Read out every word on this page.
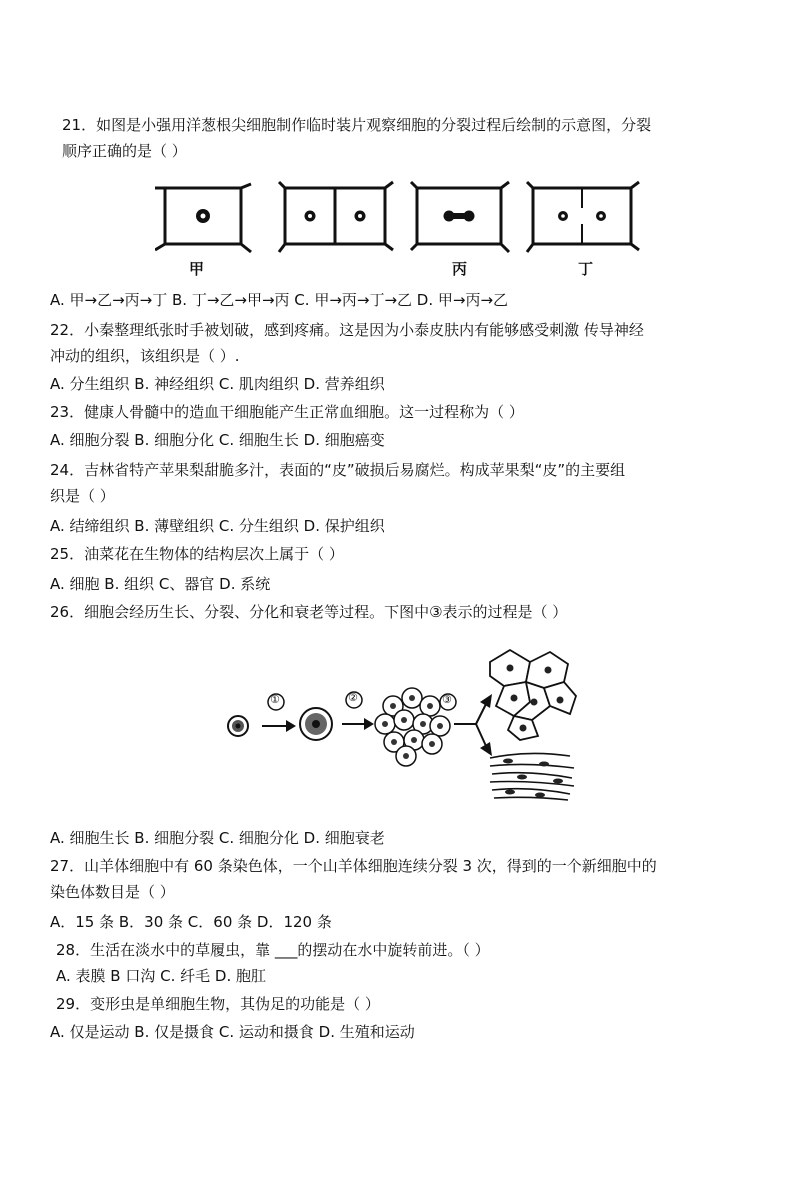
21．如图是小强用洋葱根尖细胞制作临时装片观察细胞的分裂过程后绘制的示意图，分裂
顺序正确的是（ ）
甲	丙	丁
A. 甲→乙→丙→丁 B. 丁→乙→甲→丙 C. 甲→丙→丁→乙 D. 甲→丙→乙
22．小秦整理纸张时手被划破，感到疼痛。这是因为小泰皮肤内有能够感受刺激 传导神经
冲动的组织，该组织是（ ）.
A. 分生组织 B. 神经组织 C. 肌肉组织 D. 营养组织
23．健康人骨髓中的造血干细胞能产生正常血细胞。这一过程称为（ ）
A. 细胞分裂 B. 细胞分化 C. 细胞生长 D. 细胞癌变
24．吉林省特产苹果梨甜脆多汁，表面的“皮”破损后易腐烂。构成苹果梨“皮”的主要组
织是（ ）
A. 结缔组织 B. 薄壁组织 C. 分生组织 D. 保护组织
25．油菜花在生物体的结构层次上属于（ ）
A. 细胞 B. 组织 C、器官 D. 系统
26．细胞会经历生长、分裂、分化和衰老等过程。下图中③表示的过程是（ ）
①	②	③
A. 细胞生长 B. 细胞分裂 C. 细胞分化 D. 细胞衰老
27．山羊体细胞中有 60 条染色体，一个山羊体细胞连续分裂 3 次，得到的一个新细胞中的
染色体数目是（ ）
A．15 条 B．30 条 C．60 条 D．120 条
28．生活在淡水中的草履虫，靠 ___的摆动在水中旋转前进。（ ）
A. 表膜 B 口沟 C. 纤毛 D. 胞肛
29．变形虫是单细胞生物，其伪足的功能是（ ）
A. 仅是运动 B. 仅是摄食 C. 运动和摄食 D. 生殖和运动
